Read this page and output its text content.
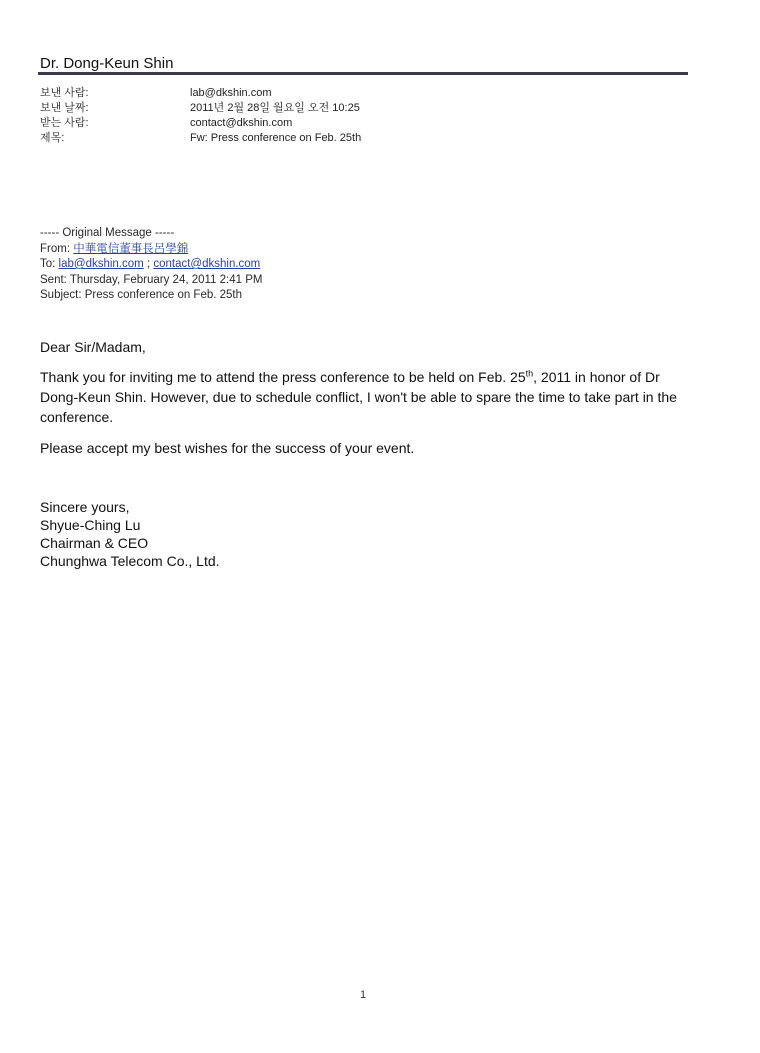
Dr. Dong-Keun Shin
보낸 사람:	lab@dkshin.com
보낸 날짜:	2011년 2월 28일 월요일 오전 10:25
받는 사람:	contact@dkshin.com
제목:	Fw: Press conference on Feb. 25th
----- Original Message -----
From: 中華電信董事長呂學錦
To: lab@dkshin.com ; contact@dkshin.com
Sent: Thursday, February 24, 2011 2:41 PM
Subject: Press conference on Feb. 25th

Dear Sir/Madam,

Thank you for inviting me to attend the press conference to be held on Feb. 25th, 2011 in honor of Dr Dong-Keun Shin. However, due to schedule conflict, I won't be able to spare the time to take part in the conference.

Please accept my best wishes for the success of your event.

Sincere yours,
Shyue-Ching Lu
Chairman & CEO
Chunghwa Telecom Co., Ltd.
1
